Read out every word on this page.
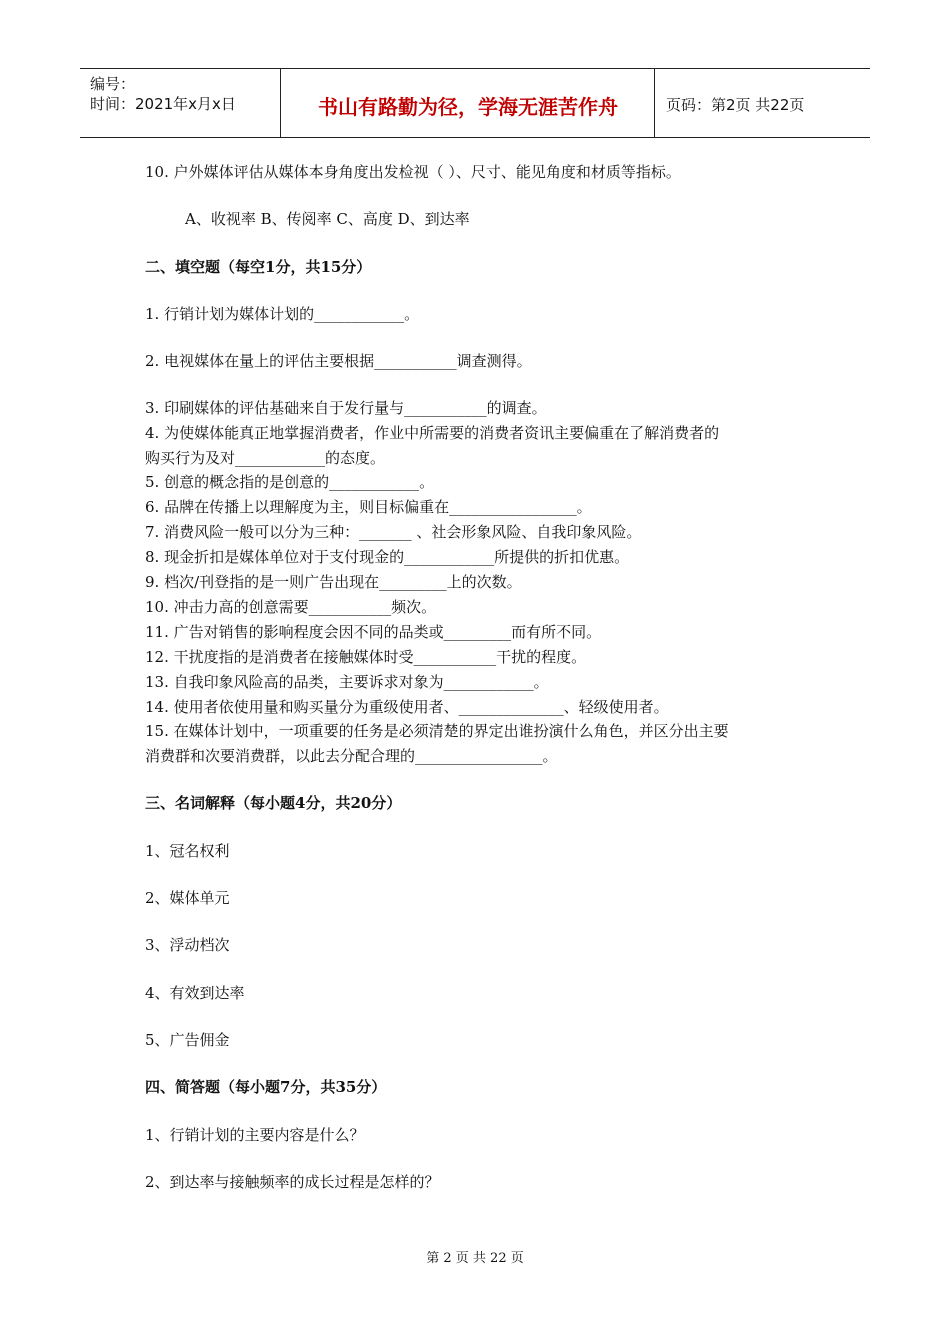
编号：
时间：2021年x月x日	书山有路勤为径，学海无涯苦作舟	页码：第2页 共22页
10. 户外媒体评估从媒体本身角度出发检视（ ）、尺寸、能见角度和材质等指标。
A、收视率 B、传阅率 C、高度 D、到达率
二、填空题（每空1分，共15分）
1. 行销计划为媒体计划的____________。
2. 电视媒体在量上的评估主要根据___________调查测得。
3. 印刷媒体的评估基础来自于发行量与___________的调查。
4. 为使媒体能真正地掌握消费者，作业中所需要的消费者资讯主要偏重在了解消费者的
购买行为及对____________的态度。
5. 创意的概念指的是创意的____________。
6. 品牌在传播上以理解度为主，则目标偏重在_________________。
7. 消费风险一般可以分为三种：_______ 、社会形象风险、自我印象风险。
8. 现金折扣是媒体单位对于支付现金的____________所提供的折扣优惠。
9. 档次/刊登指的是一则广告出现在_________上的次数。
10. 冲击力高的创意需要___________频次。
11. 广告对销售的影响程度会因不同的品类或_________而有所不同。
12. 干扰度指的是消费者在接触媒体时受___________干扰的程度。
13. 自我印象风险高的品类，主要诉求对象为____________。
14. 使用者依使用量和购买量分为重级使用者、______________、轻级使用者。
15. 在媒体计划中，一项重要的任务是必须清楚的界定出谁扮演什么角色，并区分出主要
消费群和次要消费群，以此去分配合理的_________________。
三、名词解释（每小题4分，共20分）
1、冠名权利
2、媒体单元
3、浮动档次
4、有效到达率
5、广告佣金
四、简答题（每小题7分，共35分）
1、行销计划的主要内容是什么？
2、到达率与接触频率的成长过程是怎样的？
第 2 页 共 22 页
